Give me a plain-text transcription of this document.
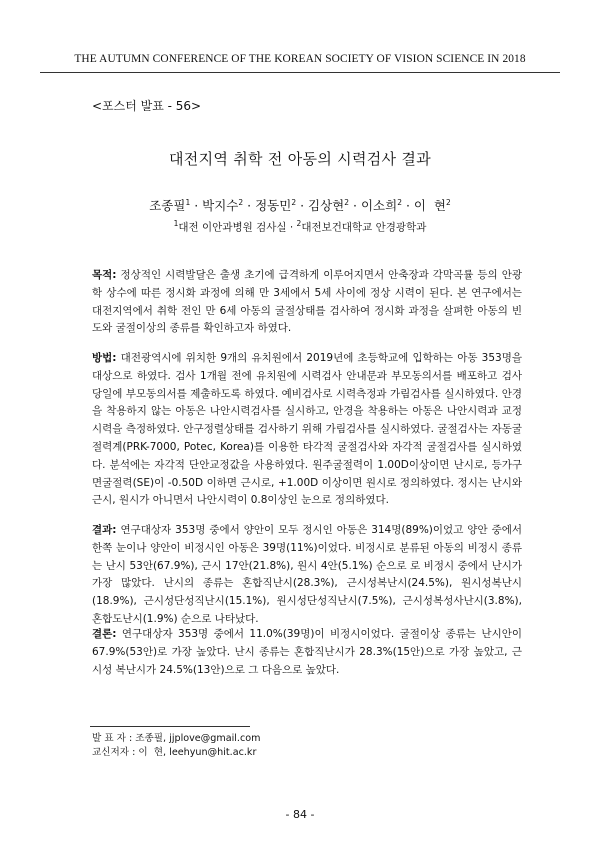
THE AUTUMN CONFERENCE OF THE KOREAN SOCIETY OF VISION SCIENCE IN 2018
<포스터 발표 - 56>
대전지역 취학 전 아동의 시력검사 결과
조종필$^1$ · 박지수$^2$ · 정동민$^2$ · 김상현$^2$ · 이소희$^2$ · 이  현$^2$
$^1$대전 이안과병원 검사실 · $^2$대전보건대학교 안경광학과
목적: 정상적인 시력발달은 출생 초기에 급격하게 이루어지면서 안축장과 각막곡률 등의 안광학 상수에 따른 정시화 과정에 의해 만 3세에서 5세 사이에 정상 시력이 된다. 본 연구에서는 대전지역에서 취학 전인 만 6세 아동의 굴절상태를 검사하여 정시화 과정을 살펴한 아동의 빈도와 굴절이상의 종류를 확인하고자 하였다.
방법: 대전광역시에 위치한 9개의 유치원에서 2019년에 초등학교에 입학하는 아동 353명을 대상으로 하였다. 검사 1개월 전에 유치원에 시력검사 안내문과 부모동의서를 배포하고 검사 당일에 부모동의서를 제출하도록 하였다. 예비검사로 시력측정과 가림검사를 실시하였다. 안경을 착용하지 않는 아동은 나안시력검사를 실시하고, 안경을 착용하는 아동은 나안시력과 교정시력을 측정하였다. 안구정렬상태를 검사하기 위해 가림검사를 실시하였다. 굴절검사는 자동굴절력계(PRK-7000, Potec, Korea)를 이용한 타각적 굴절검사와 자각적 굴절검사를 실시하였다. 분석에는 자각적 단안교정값을 사용하였다. 원주굴절력이 1.00D이상이면 난시로, 등가구면굴절력(SE)이 -0.50D 이하면 근시로, +1.00D 이상이면 원시로 정의하였다. 정시는 난시와 근시, 원시가 아니면서 나안시력이 0.8이상인 눈으로 정의하였다.
결과: 연구대상자 353명 중에서 양안이 모두 정시인 아동은 314명(89%)이었고 양안 중에서 한쪽 눈이나 양안이 비정시인 아동은 39명(11%)이었다. 비정시로 분류된 아동의 비정시 종류는 난시 53안(67.9%), 근시 17안(21.8%), 원시 4안(5.1%) 순으로 로 비정시 중에서 난시가 가장 많았다. 난시의 종류는 혼합직난시(28.3%), 근시성복난시(24.5%), 원시성복난시(18.9%), 근시성단성직난시(15.1%), 원시성단성직난시(7.5%), 근시성복성사난시(3.8%), 혼합도난시(1.9%) 순으로 나타났다.
결론: 연구대상자 353명 중에서 11.0%(39명)이 비정시이었다. 굴절이상 종류는 난시안이 67.9%(53안)로 가장 높았다. 난시 종류는 혼합직난시가 28.3%(15안)으로 가장 높았고, 근시성 복난시가 24.5%(13안)으로 그 다음으로 높았다.
발 표 자 : 조종필, jjplove@gmail.com
교신저자 : 이  현, leehyun@hit.ac.kr
- 84 -
